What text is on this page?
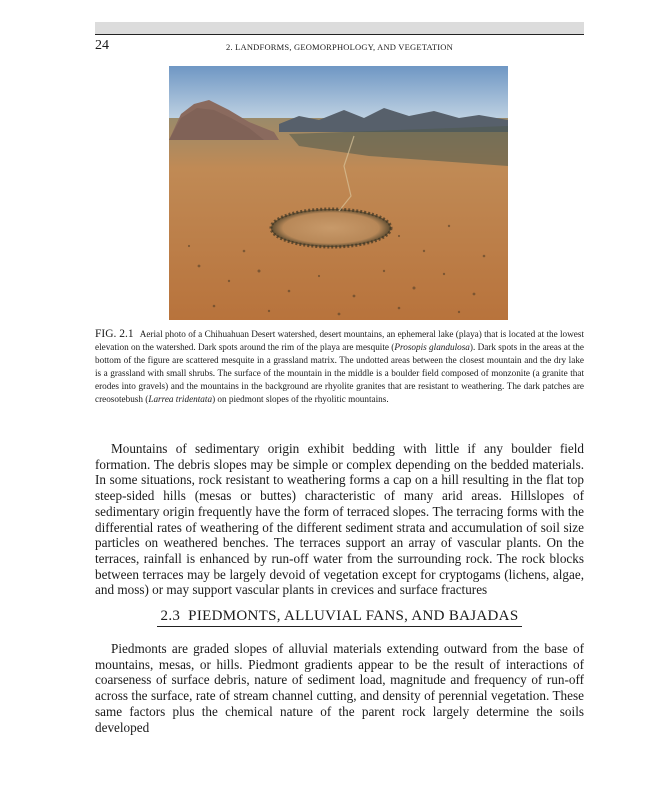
24	2. LANDFORMS, GEOMORPHOLOGY, AND VEGETATION
FIG. 2.1 Aerial photo of a Chihuahuan Desert watershed, desert mountains, an ephemeral lake (playa) that is located at the lowest elevation on the watershed. Dark spots around the rim of the playa are mesquite (Prosopis glandulosa). Dark spots in the areas at the bottom of the figure are scattered mesquite in a grassland matrix. The undotted areas between the closest mountain and the dry lake is a grassland with small shrubs. The surface of the mountain in the middle is a boulder field composed of monzonite (a granite that erodes into gravels) and the mountains in the background are rhyolite granites that are resistant to weathering. The dark patches are creosotebush (Larrea tridentata) on piedmont slopes of the rhyolitic mountains.

Mountains of sedimentary origin exhibit bedding with little if any boulder field formation. The debris slopes may be simple or complex depending on the bedded materials. In some situations, rock resistant to weathering forms a cap on a hill resulting in the flat top steep-sided hills (mesas or buttes) characteristic of many arid areas. Hillslopes of sedimentary origin frequently have the form of terraced slopes. The terracing forms with the differential rates of weathering of the different sediment strata and accumulation of soil size particles on weathered benches. The terraces support an array of vascular plants. On the terraces, rainfall is enhanced by run-off water from the surrounding rock. The rock blocks between terraces may be largely devoid of vegetation except for cryptogams (lichens, algae, and moss) or may support vascular plants in crevices and surface fractures

2.3 PIEDMONTS, ALLUVIAL FANS, AND BAJADAS

Piedmonts are graded slopes of alluvial materials extending outward from the base of mountains, mesas, or hills. Piedmont gradients appear to be the result of interactions of coarseness of surface debris, nature of sediment load, magnitude and frequency of run-off across the surface, rate of stream channel cutting, and density of perennial vegetation. These same factors plus the chemical nature of the parent rock largely determine the soils developed
